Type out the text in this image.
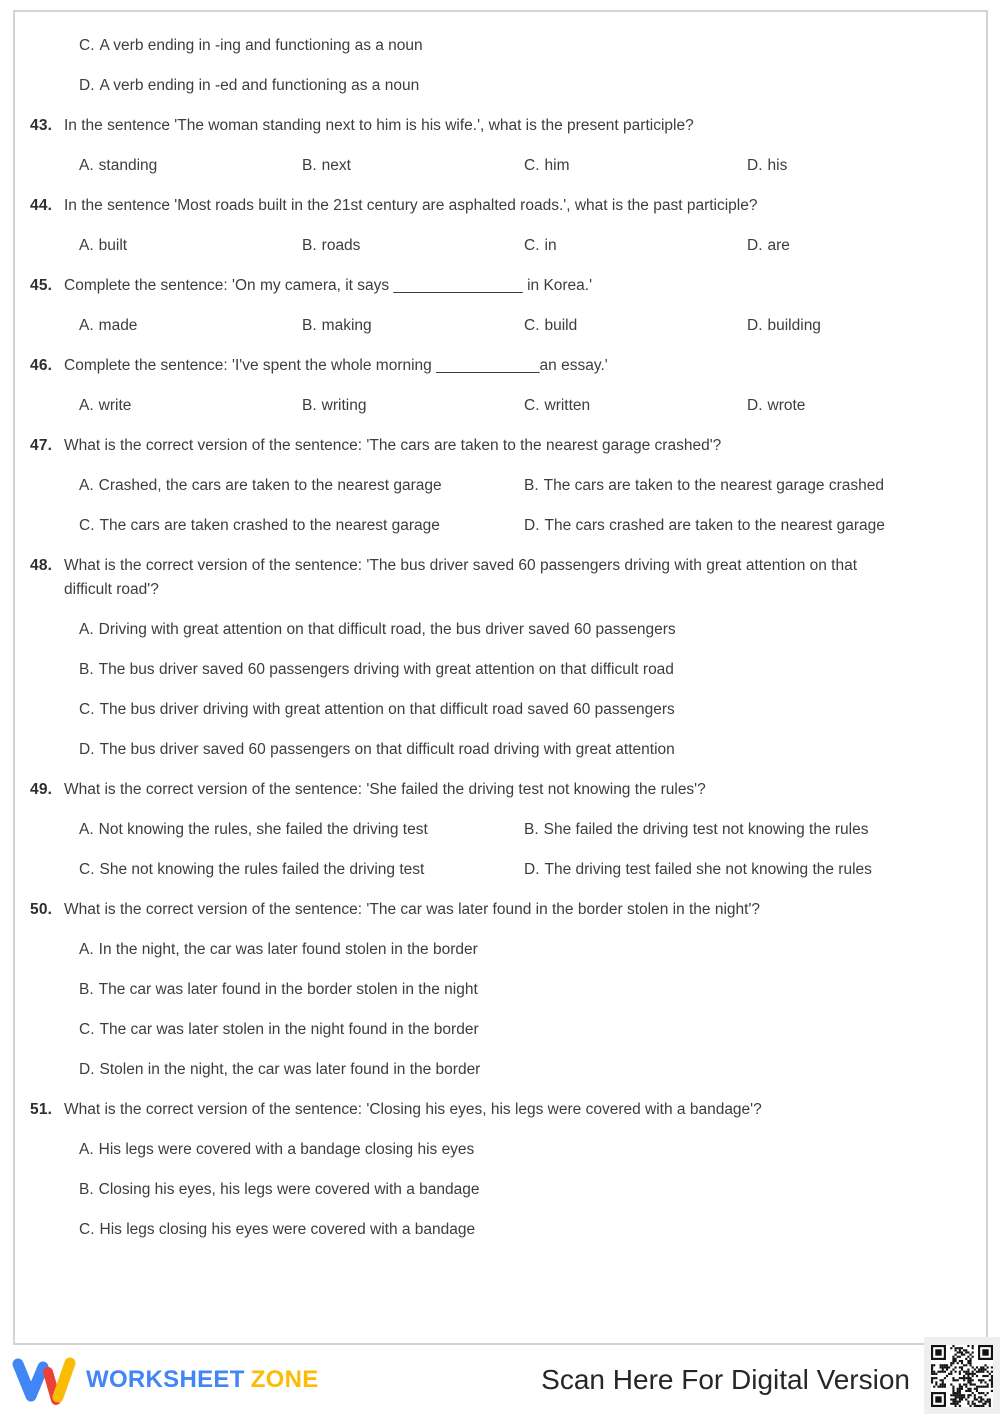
C. A verb ending in -ing and functioning as a noun
D. A verb ending in -ed and functioning as a noun
43. In the sentence 'The woman standing next to him is his wife.', what is the present participle?
A. standing	B. next	C. him	D. his
44. In the sentence 'Most roads built in the 21st century are asphalted roads.', what is the past participle?
A. built	B. roads	C. in	D. are
45. Complete the sentence: 'On my camera, it says _______________ in Korea.'
A. made	B. making	C. build	D. building
46. Complete the sentence: 'I've spent the whole morning ____________an essay.'
A. write	B. writing	C. written	D. wrote
47. What is the correct version of the sentence: 'The cars are taken to the nearest garage crashed'?
A. Crashed, the cars are taken to the nearest garage	B. The cars are taken to the nearest garage crashed
C. The cars are taken crashed to the nearest garage	D. The cars crashed are taken to the nearest garage
48. What is the correct version of the sentence: 'The bus driver saved 60 passengers driving with great attention on that difficult road'?
A. Driving with great attention on that difficult road, the bus driver saved 60 passengers
B. The bus driver saved 60 passengers driving with great attention on that difficult road
C. The bus driver driving with great attention on that difficult road saved 60 passengers
D. The bus driver saved 60 passengers on that difficult road driving with great attention
49. What is the correct version of the sentence: 'She failed the driving test not knowing the rules'?
A. Not knowing the rules, she failed the driving test	B. She failed the driving test not knowing the rules
C. She not knowing the rules failed the driving test	D. The driving test failed she not knowing the rules
50. What is the correct version of the sentence: 'The car was later found in the border stolen in the night'?
A. In the night, the car was later found stolen in the border
B. The car was later found in the border stolen in the night
C. The car was later stolen in the night found in the border
D. Stolen in the night, the car was later found in the border
51. What is the correct version of the sentence: 'Closing his eyes, his legs were covered with a bandage'?
A. His legs were covered with a bandage closing his eyes
B. Closing his eyes, his legs were covered with a bandage
C. His legs closing his eyes were covered with a bandage
WORKSHEET ZONE	Scan Here For Digital Version
